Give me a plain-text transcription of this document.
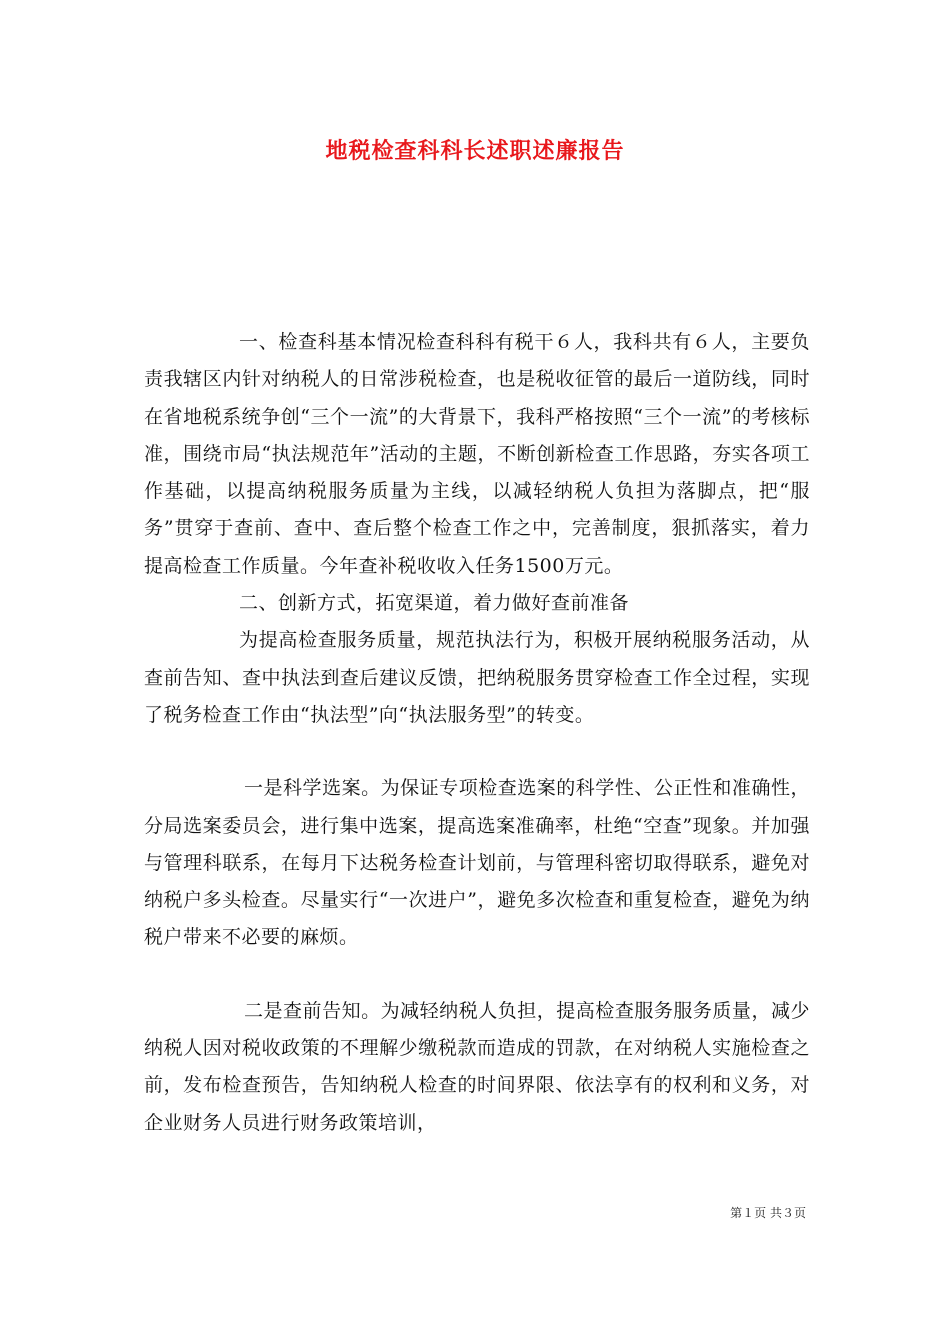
地税检查科科长述职述廉报告

一、检查科基本情况检查科科有税干６人，我科共有６人，主要负责我辖区内针对纳税人的日常涉税检查，也是税收征管的最后一道防线，同时在省地税系统争创“三个一流”的大背景下，我科严格按照“三个一流”的考核标准，围绕市局“执法规范年”活动的主题，不断创新检查工作思路，夯实各项工作基础，以提高纳税服务质量为主线，以减轻纳税人负担为落脚点，把“服务”贯穿于查前、查中、查后整个检查工作之中，完善制度，狠抓落实，着力提高检查工作质量。今年查补税收收入任务1500万元。

二、创新方式，拓宽渠道，着力做好查前准备

为提高检查服务质量，规范执法行为，积极开展纳税服务活动，从查前告知、查中执法到查后建议反馈，把纳税服务贯穿检查工作全过程，实现了税务检查工作由“执法型”向“执法服务型”的转变。

一是科学选案。为保证专项检查选案的科学性、公正性和准确性，分局选案委员会，进行集中选案，提高选案准确率，杜绝“空查”现象。并加强与管理科联系，在每月下达税务检查计划前，与管理科密切取得联系，避免对纳税户多头检查。尽量实行“一次进户”，避免多次检查和重复检查，避免为纳税户带来不必要的麻烦。

二是查前告知。为减轻纳税人负担，提高检查服务服务质量，减少纳税人因对税收政策的不理解少缴税款而造成的罚款，在对纳税人实施检查之前，发布检查预告，告知纳税人检查的时间界限、依法享有的权利和义务，对企业财务人员进行财务政策培训，

第１页 共３页
